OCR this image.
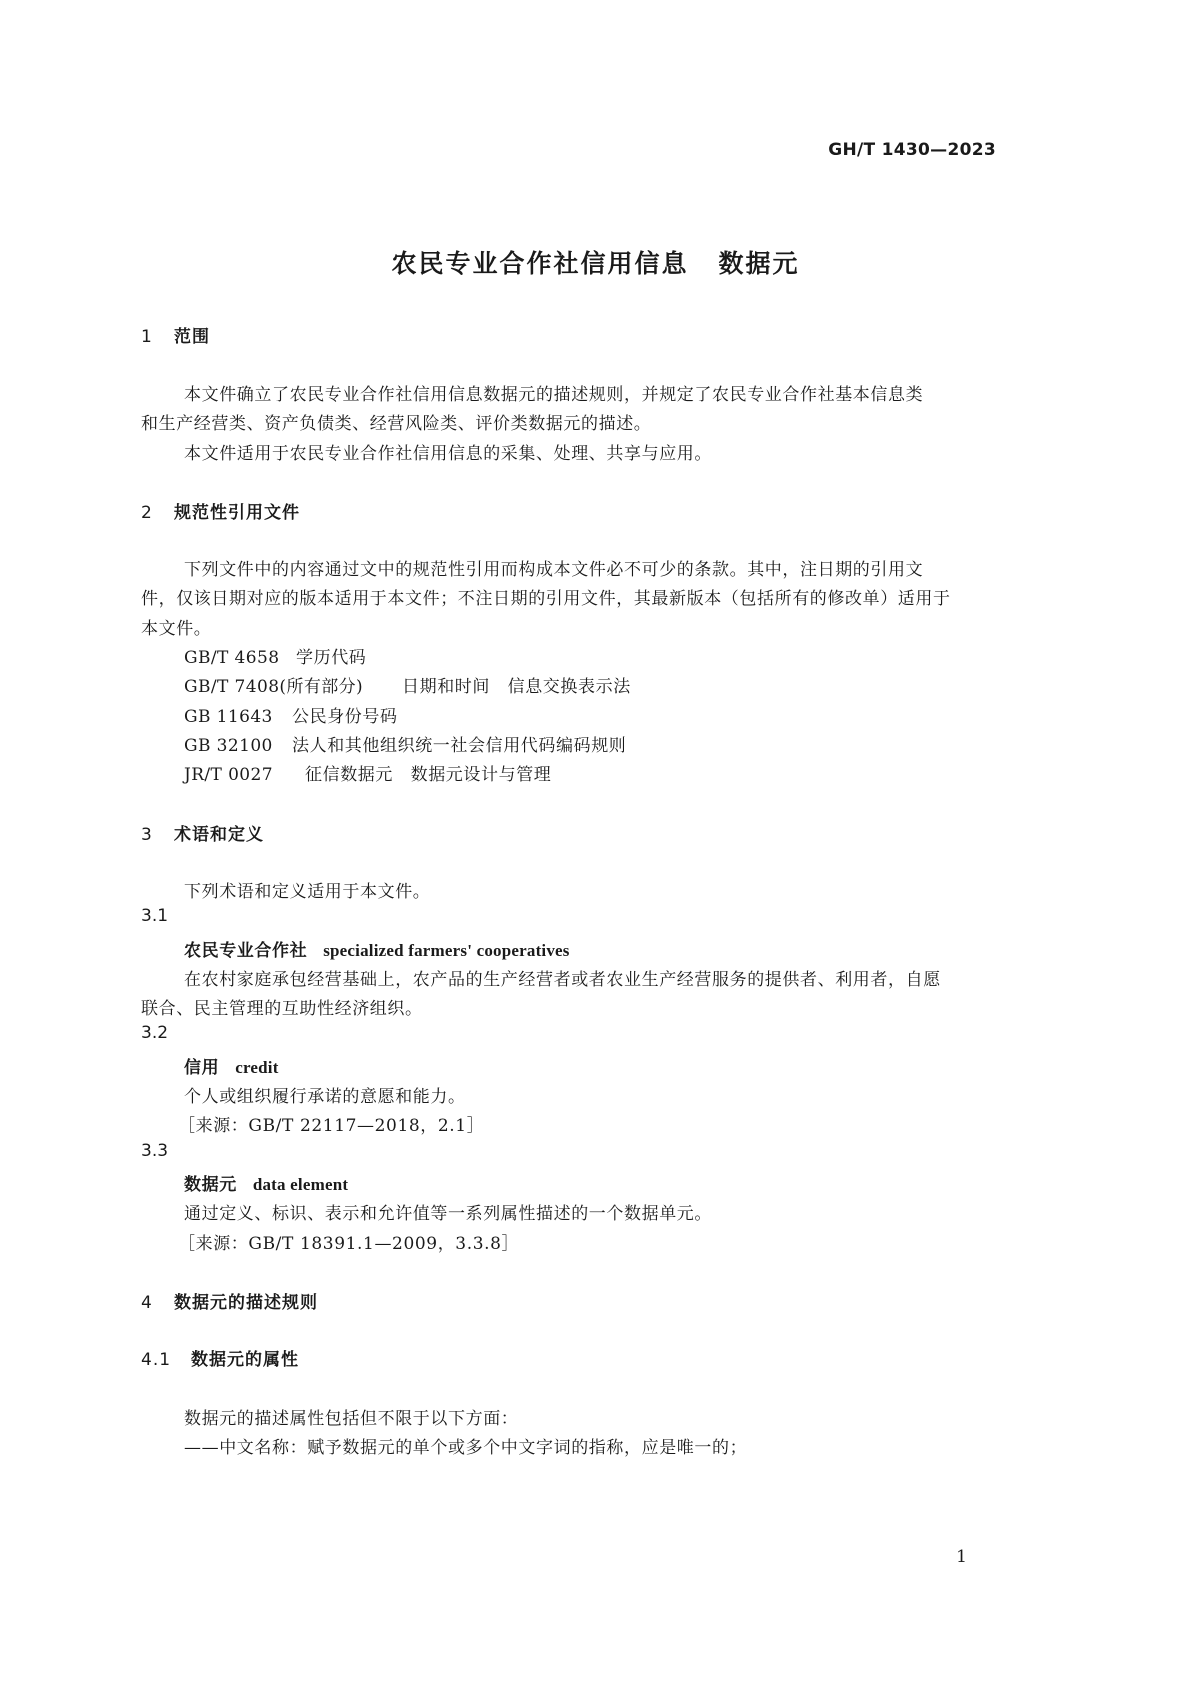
GH/T 1430—2023
农民专业合作社信用信息 数据元
1 范围
本文件确立了农民专业合作社信用信息数据元的描述规则，并规定了农民专业合作社基本信息类
和生产经营类、资产负债类、经营风险类、评价类数据元的描述。
本文件适用于农民专业合作社信用信息的采集、处理、共享与应用。
2 规范性引用文件
下列文件中的内容通过文中的规范性引用而构成本文件必不可少的条款。其中，注日期的引用文
件，仅该日期对应的版本适用于本文件；不注日期的引用文件，其最新版本（包括所有的修改单）适用于
本文件。
GB/T 4658 学历代码
GB/T 7408(所有部分) 日期和时间　信息交换表示法
GB 11643 公民身份号码
GB 32100 法人和其他组织统一社会信用代码编码规则
JR/T 0027 征信数据元　数据元设计与管理
3 术语和定义
下列术语和定义适用于本文件。
3.1
农民专业合作社 specialized farmers' cooperatives
在农村家庭承包经营基础上，农产品的生产经营者或者农业生产经营服务的提供者、利用者，自愿
联合、民主管理的互助性经济组织。
3.2
信用 credit
个人或组织履行承诺的意愿和能力。
［来源：GB/T 22117—2018，2.1］
3.3
数据元 data element
通过定义、标识、表示和允许值等一系列属性描述的一个数据单元。
［来源：GB/T 18391.1—2009，3.3.8］
4 数据元的描述规则
4.1 数据元的属性
数据元的描述属性包括但不限于以下方面：
——中文名称：赋予数据元的单个或多个中文字词的指称，应是唯一的；
1
